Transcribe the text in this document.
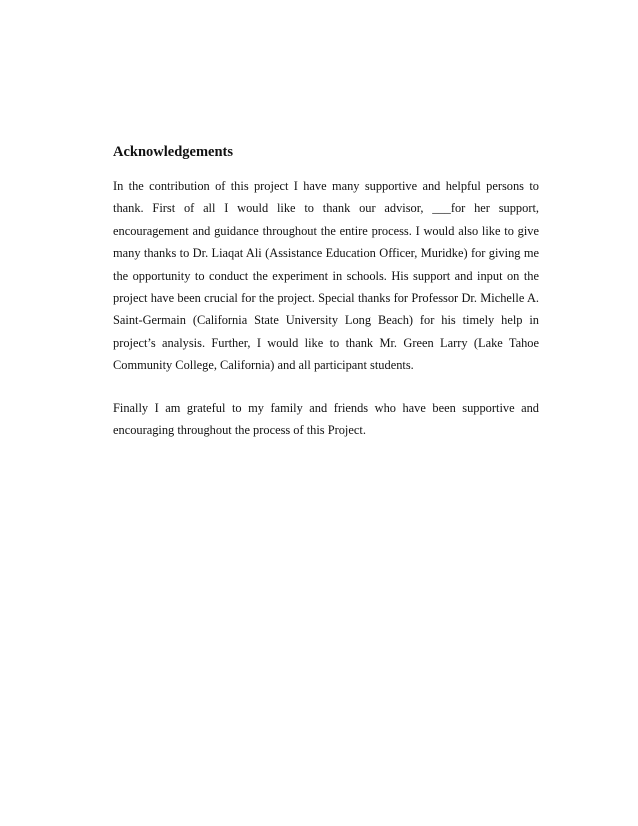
Acknowledgements

In the contribution of this project I have many supportive and helpful persons to thank. First of all I would like to thank our advisor, ___for her support, encouragement and guidance throughout the entire process. I would also like to give many thanks to Dr. Liaqat Ali (Assistance Education Officer, Muridke) for giving me the opportunity to conduct the experiment in schools. His support and input on the project have been crucial for the project. Special thanks for Professor Dr. Michelle A. Saint-Germain (California State University Long Beach) for his timely help in project’s analysis. Further, I would like to thank Mr. Green Larry (Lake Tahoe Community College, California) and all participant students.

Finally I am grateful to my family and friends who have been supportive and encouraging throughout the process of this Project.
